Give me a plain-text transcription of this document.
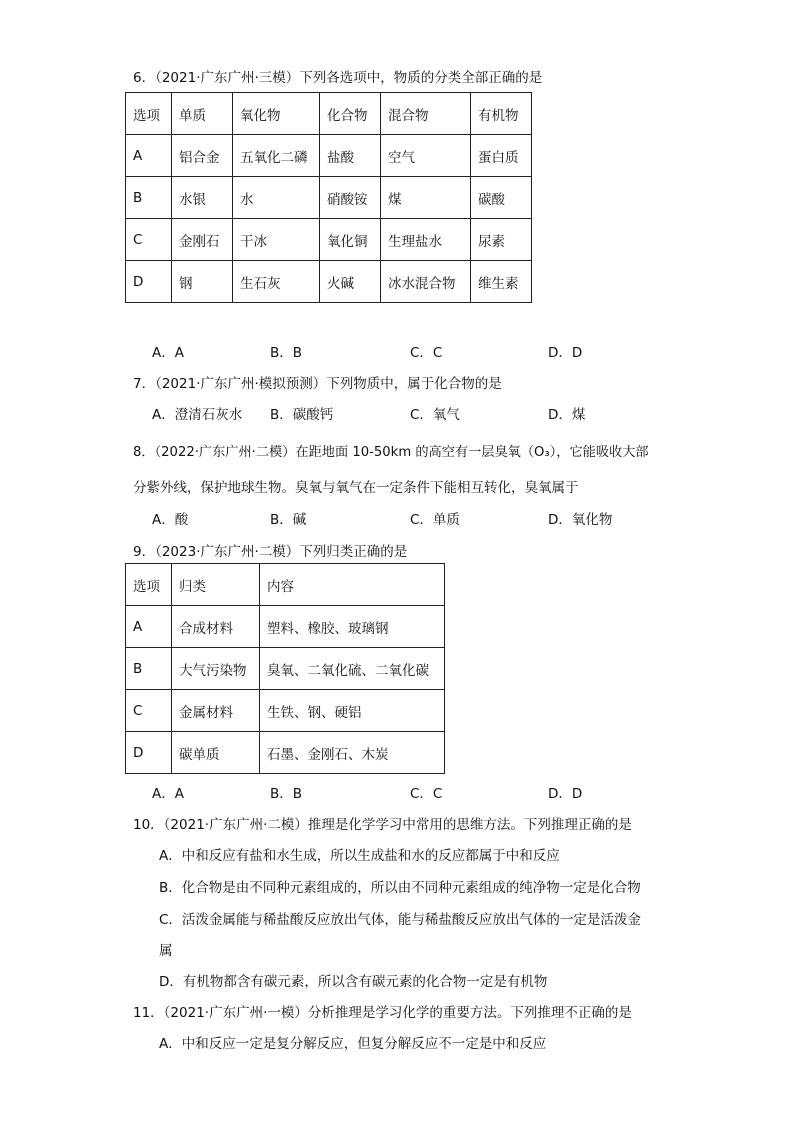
6．（2021·广东广州·三模）下列各选项中，物质的分类全部正确的是
选项	单质	氧化物	化合物	混合物	有机物
A	铝合金	五氧化二磷	盐酸	空气	蛋白质
B	水银	水	硝酸铵	煤	碳酸
C	金刚石	干冰	氧化铜	生理盐水	尿素
D	钢	生石灰	火碱	冰水混合物	维生素
A．A	B．B	C．C	D．D
7．（2021·广东广州·模拟预测）下列物质中，属于化合物的是
A．澄清石灰水 B．碳酸钙	C．氧气	D．煤
8．（2022·广东广州·二模）在距地面 10-50km 的高空有一层臭氧（O₃），它能吸收大部
分紫外线，保护地球生物。臭氧与氧气在一定条件下能相互转化，臭氧属于
A．酸	B．碱	C．单质	D．氧化物
9．（2023·广东广州·二模）下列归类正确的是
选项	归类	内容
A	合成材料	塑料、橡胶、玻璃钢
B	大气污染物	臭氧、二氧化硫、二氧化碳
C	金属材料	生铁、钢、硬铝
D	碳单质	石墨、金刚石、木炭
A．A	B．B	C．C	D．D
10．（2021·广东广州·二模）推理是化学学习中常用的思维方法。下列推理正确的是
A．中和反应有盐和水生成，所以生成盐和水的反应都属于中和反应
B．化合物是由不同种元素组成的，所以由不同种元素组成的纯净物一定是化合物
C．活泼金属能与稀盐酸反应放出气体，能与稀盐酸反应放出气体的一定是活泼金
属
D．有机物都含有碳元素，所以含有碳元素的化合物一定是有机物
11．（2021·广东广州·一模）分析推理是学习化学的重要方法。下列推理不正确的是
A．中和反应一定是复分解反应，但复分解反应不一定是中和反应
